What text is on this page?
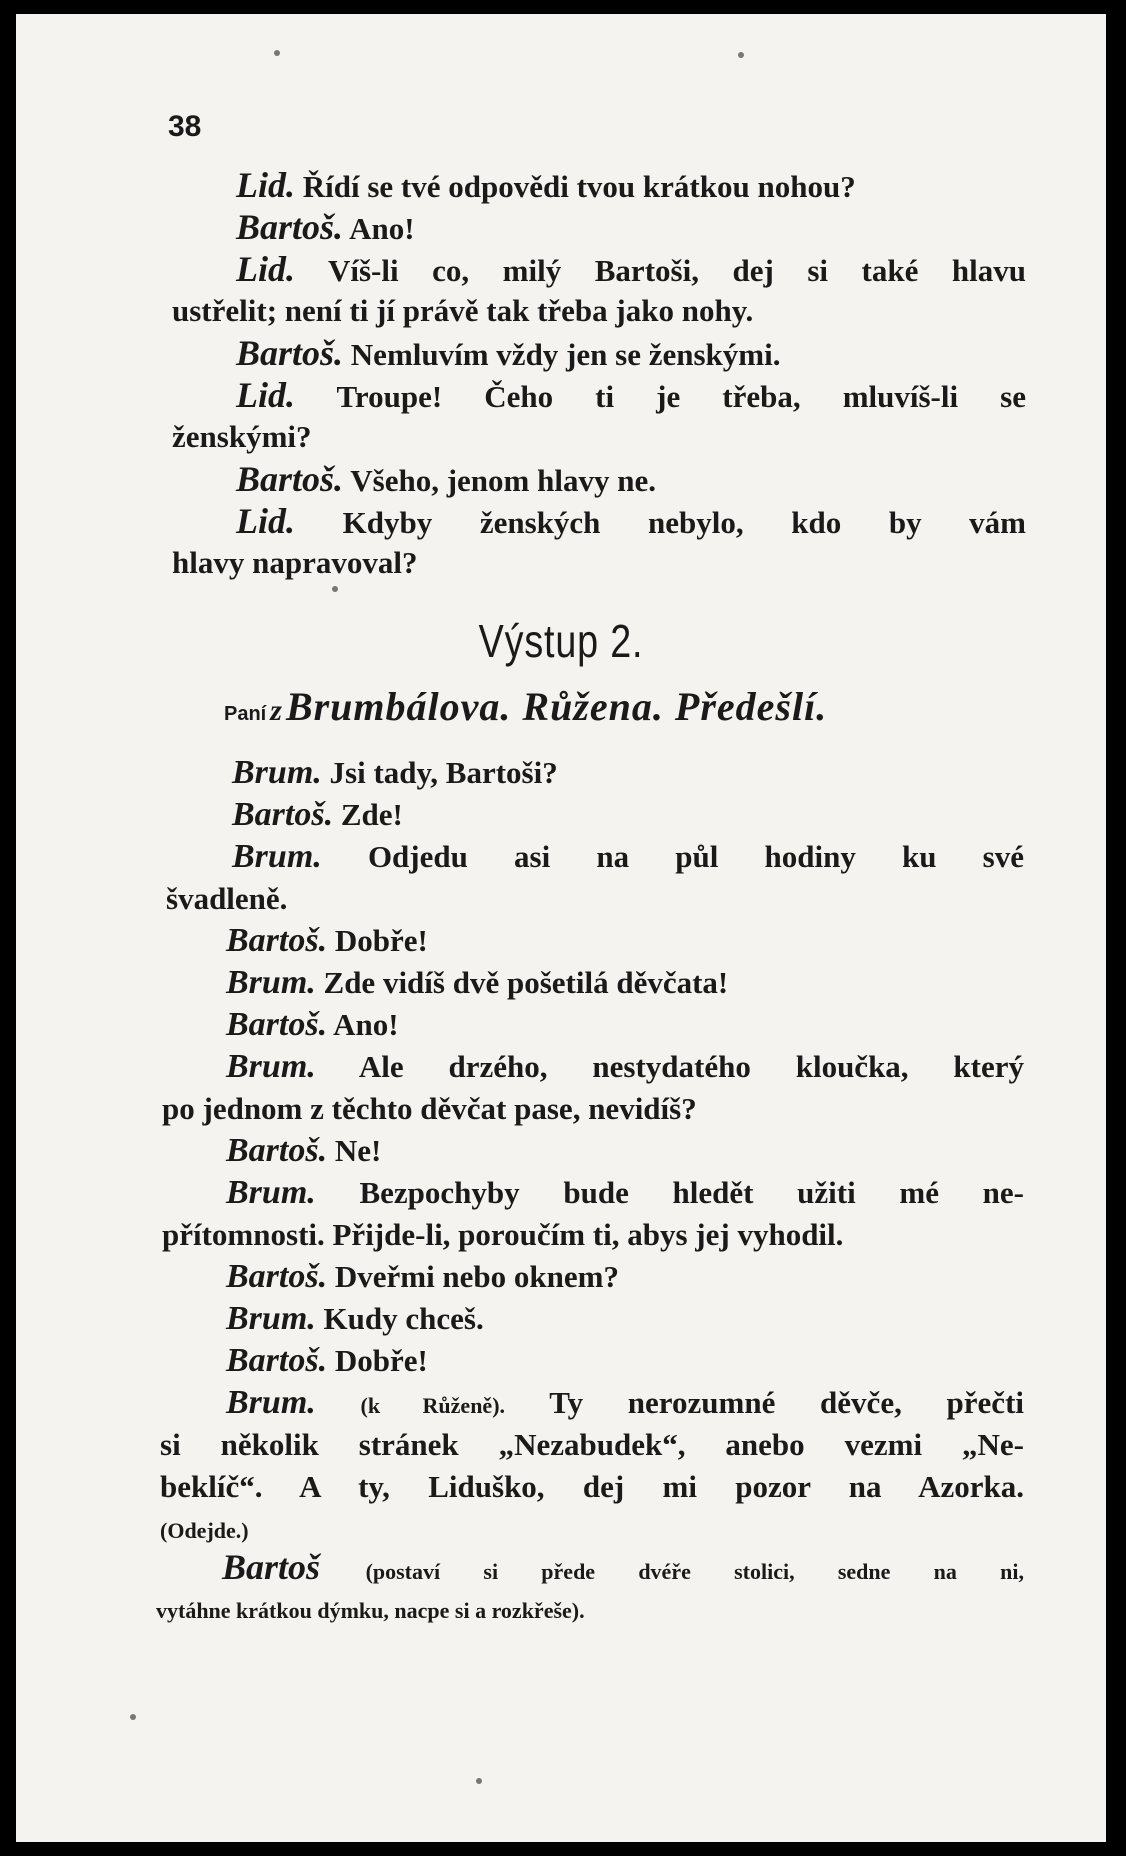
38
Lid. Řídí se tvé odpovědi tvou krátkou nohou?
Bartoš. Ano!
Lid. Víš-li co, milý Bartoši, dej si také hlavu
ustřelit; není ti jí právě tak třeba jako nohy.
Bartoš. Nemluvím vždy jen se ženskými.
Lid. Troupe! Čeho ti je třeba, mluvíš-li se
ženskými?
Bartoš. Všeho, jenom hlavy ne.
Lid. Kdyby ženských nebylo, kdo by vám
hlavy napravoval?
Výstup 2.
Paní z Brumbálova. Růžena. Předešlí.
Brum. Jsi tady, Bartoši?
Bartoš. Zde!
Brum. Odjedu asi na půl hodiny ku své
švadleně.
Bartoš. Dobře!
Brum. Zde vidíš dvě pošetilá děvčata!
Bartoš. Ano!
Brum. Ale drzého, nestydatého kloučka, který
po jednom z těchto děvčat pase, nevidíš?
Bartoš. Ne!
Brum. Bezpochyby bude hledět užiti mé ne-
přítomnosti. Přijde-li, poroučím ti, abys jej vyhodil.
Bartoš. Dveřmi nebo oknem?
Brum. Kudy chceš.
Bartoš. Dobře!
Brum. (k Růženě). Ty nerozumné děvče, přečti
si několik stránek „Nezabudek“, anebo vezmi „Ne-
beklíč“. A ty, Liduško, dej mi pozor na Azorka.
(Odejde.)
Bartoš (postaví si přede dvéře stolici, sedne na ni,
vytáhne krátkou dýmku, nacpe si a rozkřeše).
